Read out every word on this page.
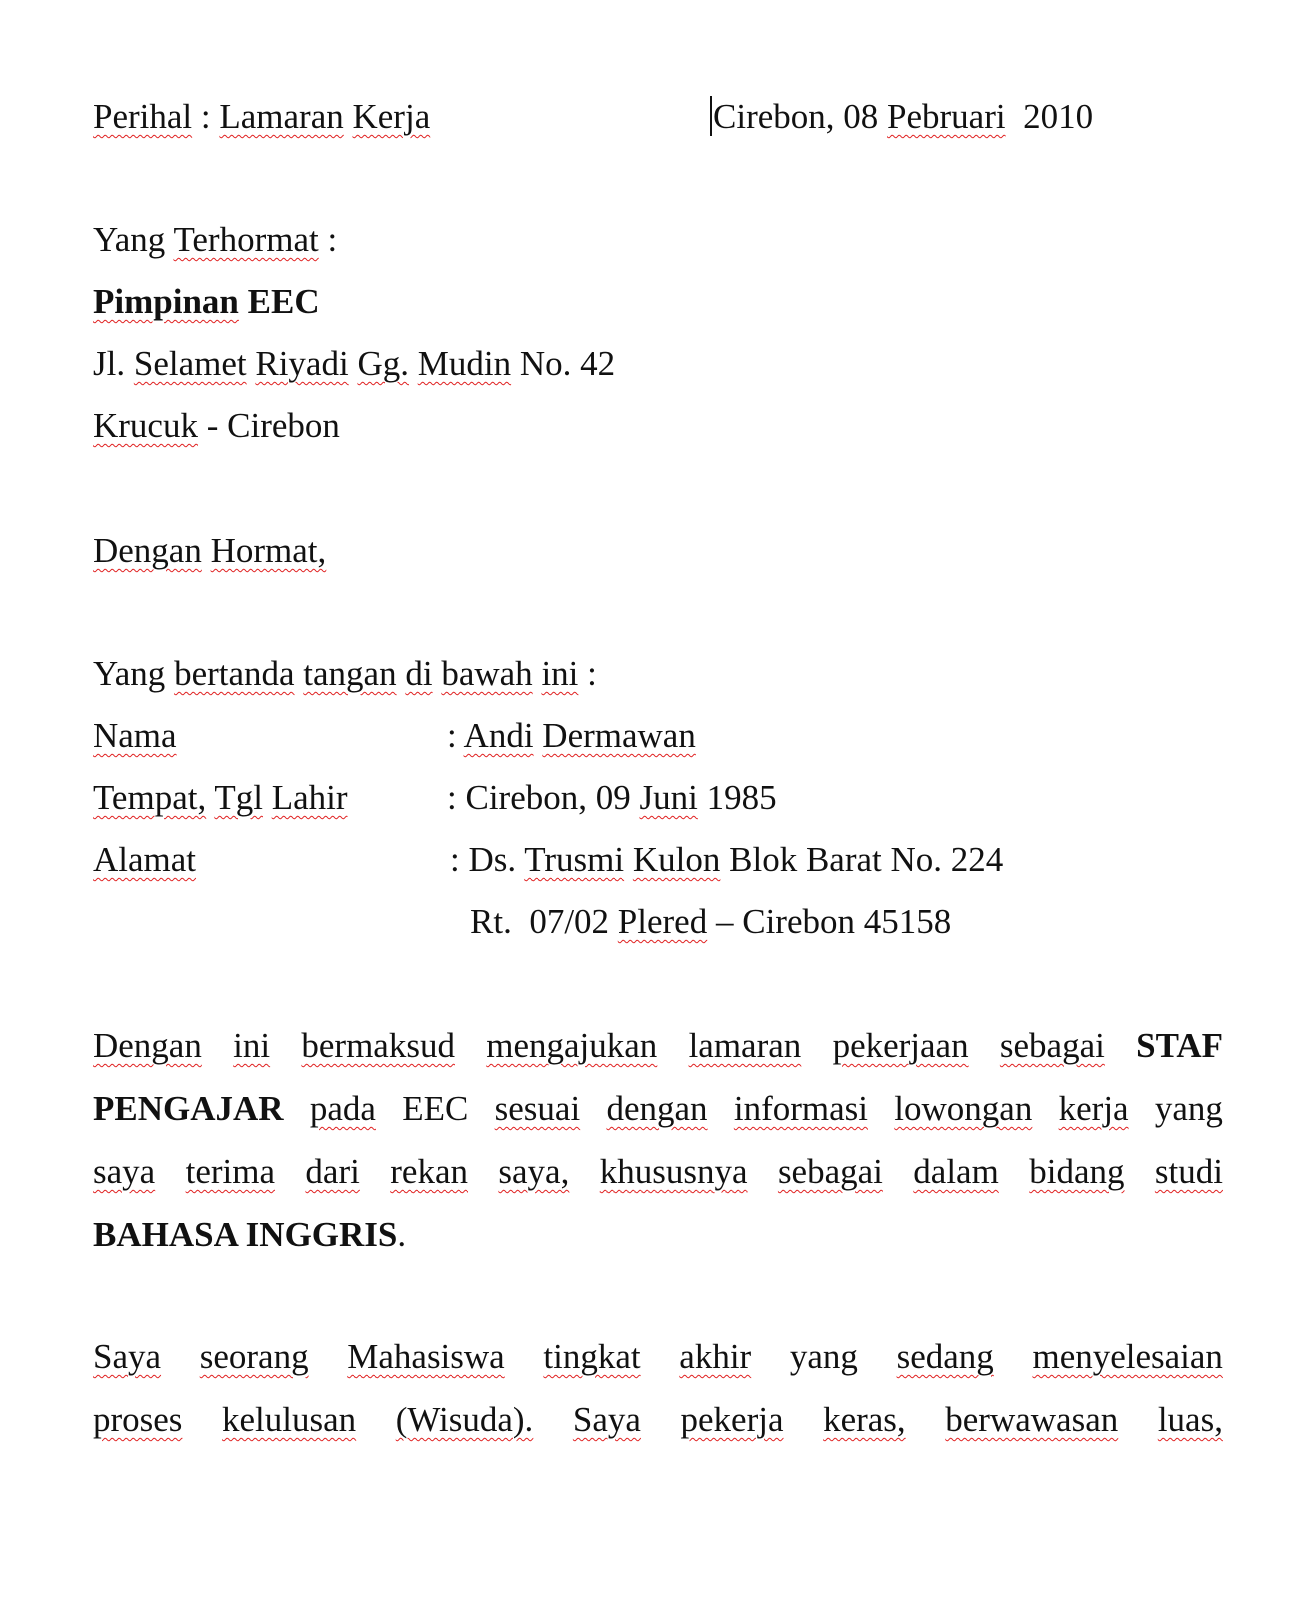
Perihal : Lamaran Kerja	Cirebon, 08 Pebruari 2010
Yang Terhormat :
Pimpinan EEC
Jl. Selamet Riyadi Gg. Mudin No. 42
Krucuk - Cirebon
Dengan Hormat,
Yang bertanda tangan di bawah ini :
Nama	: Andi Dermawan
Tempat, Tgl Lahir	: Cirebon, 09 Juni 1985
Alamat	: Ds. Trusmi Kulon Blok Barat No. 224
Rt.  07/02 Plered – Cirebon 45158
Dengan ini bermaksud mengajukan lamaran pekerjaan sebagai STAF
PENGAJAR pada EEC sesuai dengan informasi lowongan kerja yang
saya terima dari rekan saya, khususnya sebagai dalam bidang studi
BAHASA INGGRIS .
Saya seorang Mahasiswa tingkat akhir yang sedang menyelesaian
proses kelulusan (Wisuda). Saya pekerja keras, berwawasan luas,
